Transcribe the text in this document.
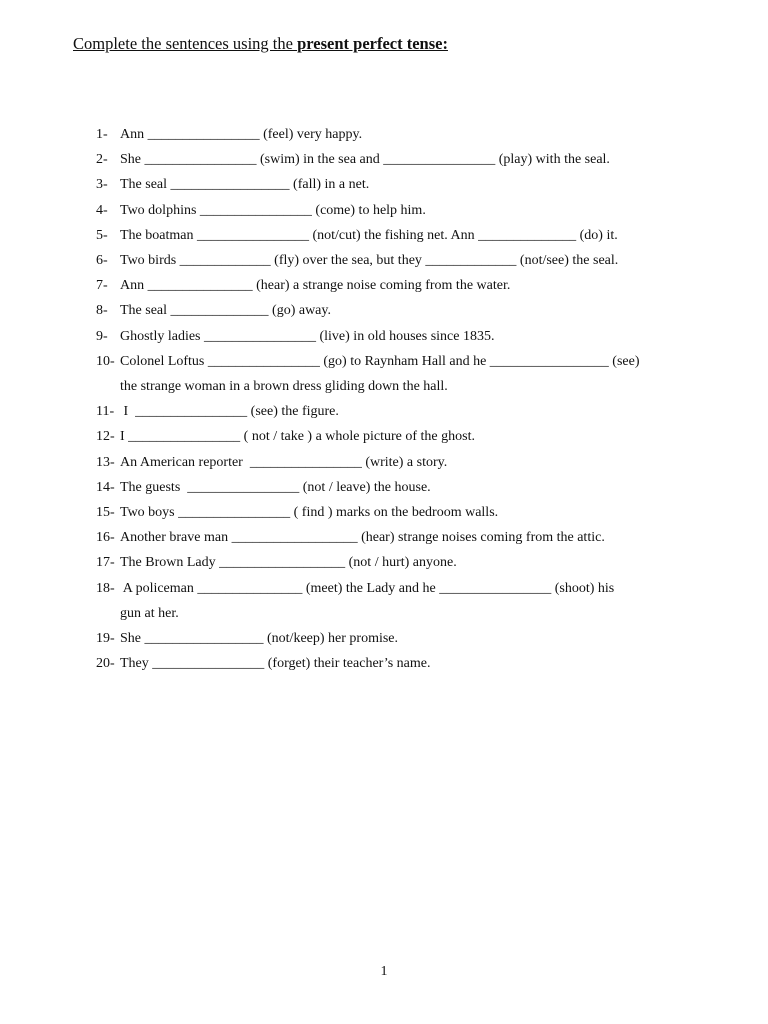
Complete the sentences using the present perfect tense:
1- Ann ________________ (feel) very happy.
2- She ________________ (swim) in the sea and ________________ (play) with the seal.
3- The seal _________________ (fall) in a net.
4- Two dolphins ________________ (come) to help him.
5- The boatman ________________ (not/cut) the fishing net. Ann ______________ (do) it.
6- Two birds _____________ (fly) over the sea, but they _____________ (not/see) the seal.
7- Ann _______________ (hear) a strange noise coming from the water.
8- The seal ______________ (go) away.
9- Ghostly ladies ________________ (live) in old houses since 1835.
10- Colonel Loftus ________________ (go) to Raynham Hall and he _________________ (see)
the strange woman in a brown dress gliding down the hall.
11- I  ________________ (see) the figure.
12- I ________________ ( not / take ) a whole picture of the ghost.
13- An American reporter  ________________ (write) a story.
14- The guests  ________________ (not / leave) the house.
15- Two boys ________________ ( find ) marks on the bedroom walls.
16- Another brave man __________________ (hear) strange noises coming from the attic.
17- The Brown Lady __________________ (not / hurt) anyone.
18- A policeman _______________ (meet) the Lady and he ________________ (shoot) his
gun at her.
19- She _________________ (not/keep) her promise.
20- They ________________ (forget) their teacher’s name.
1
